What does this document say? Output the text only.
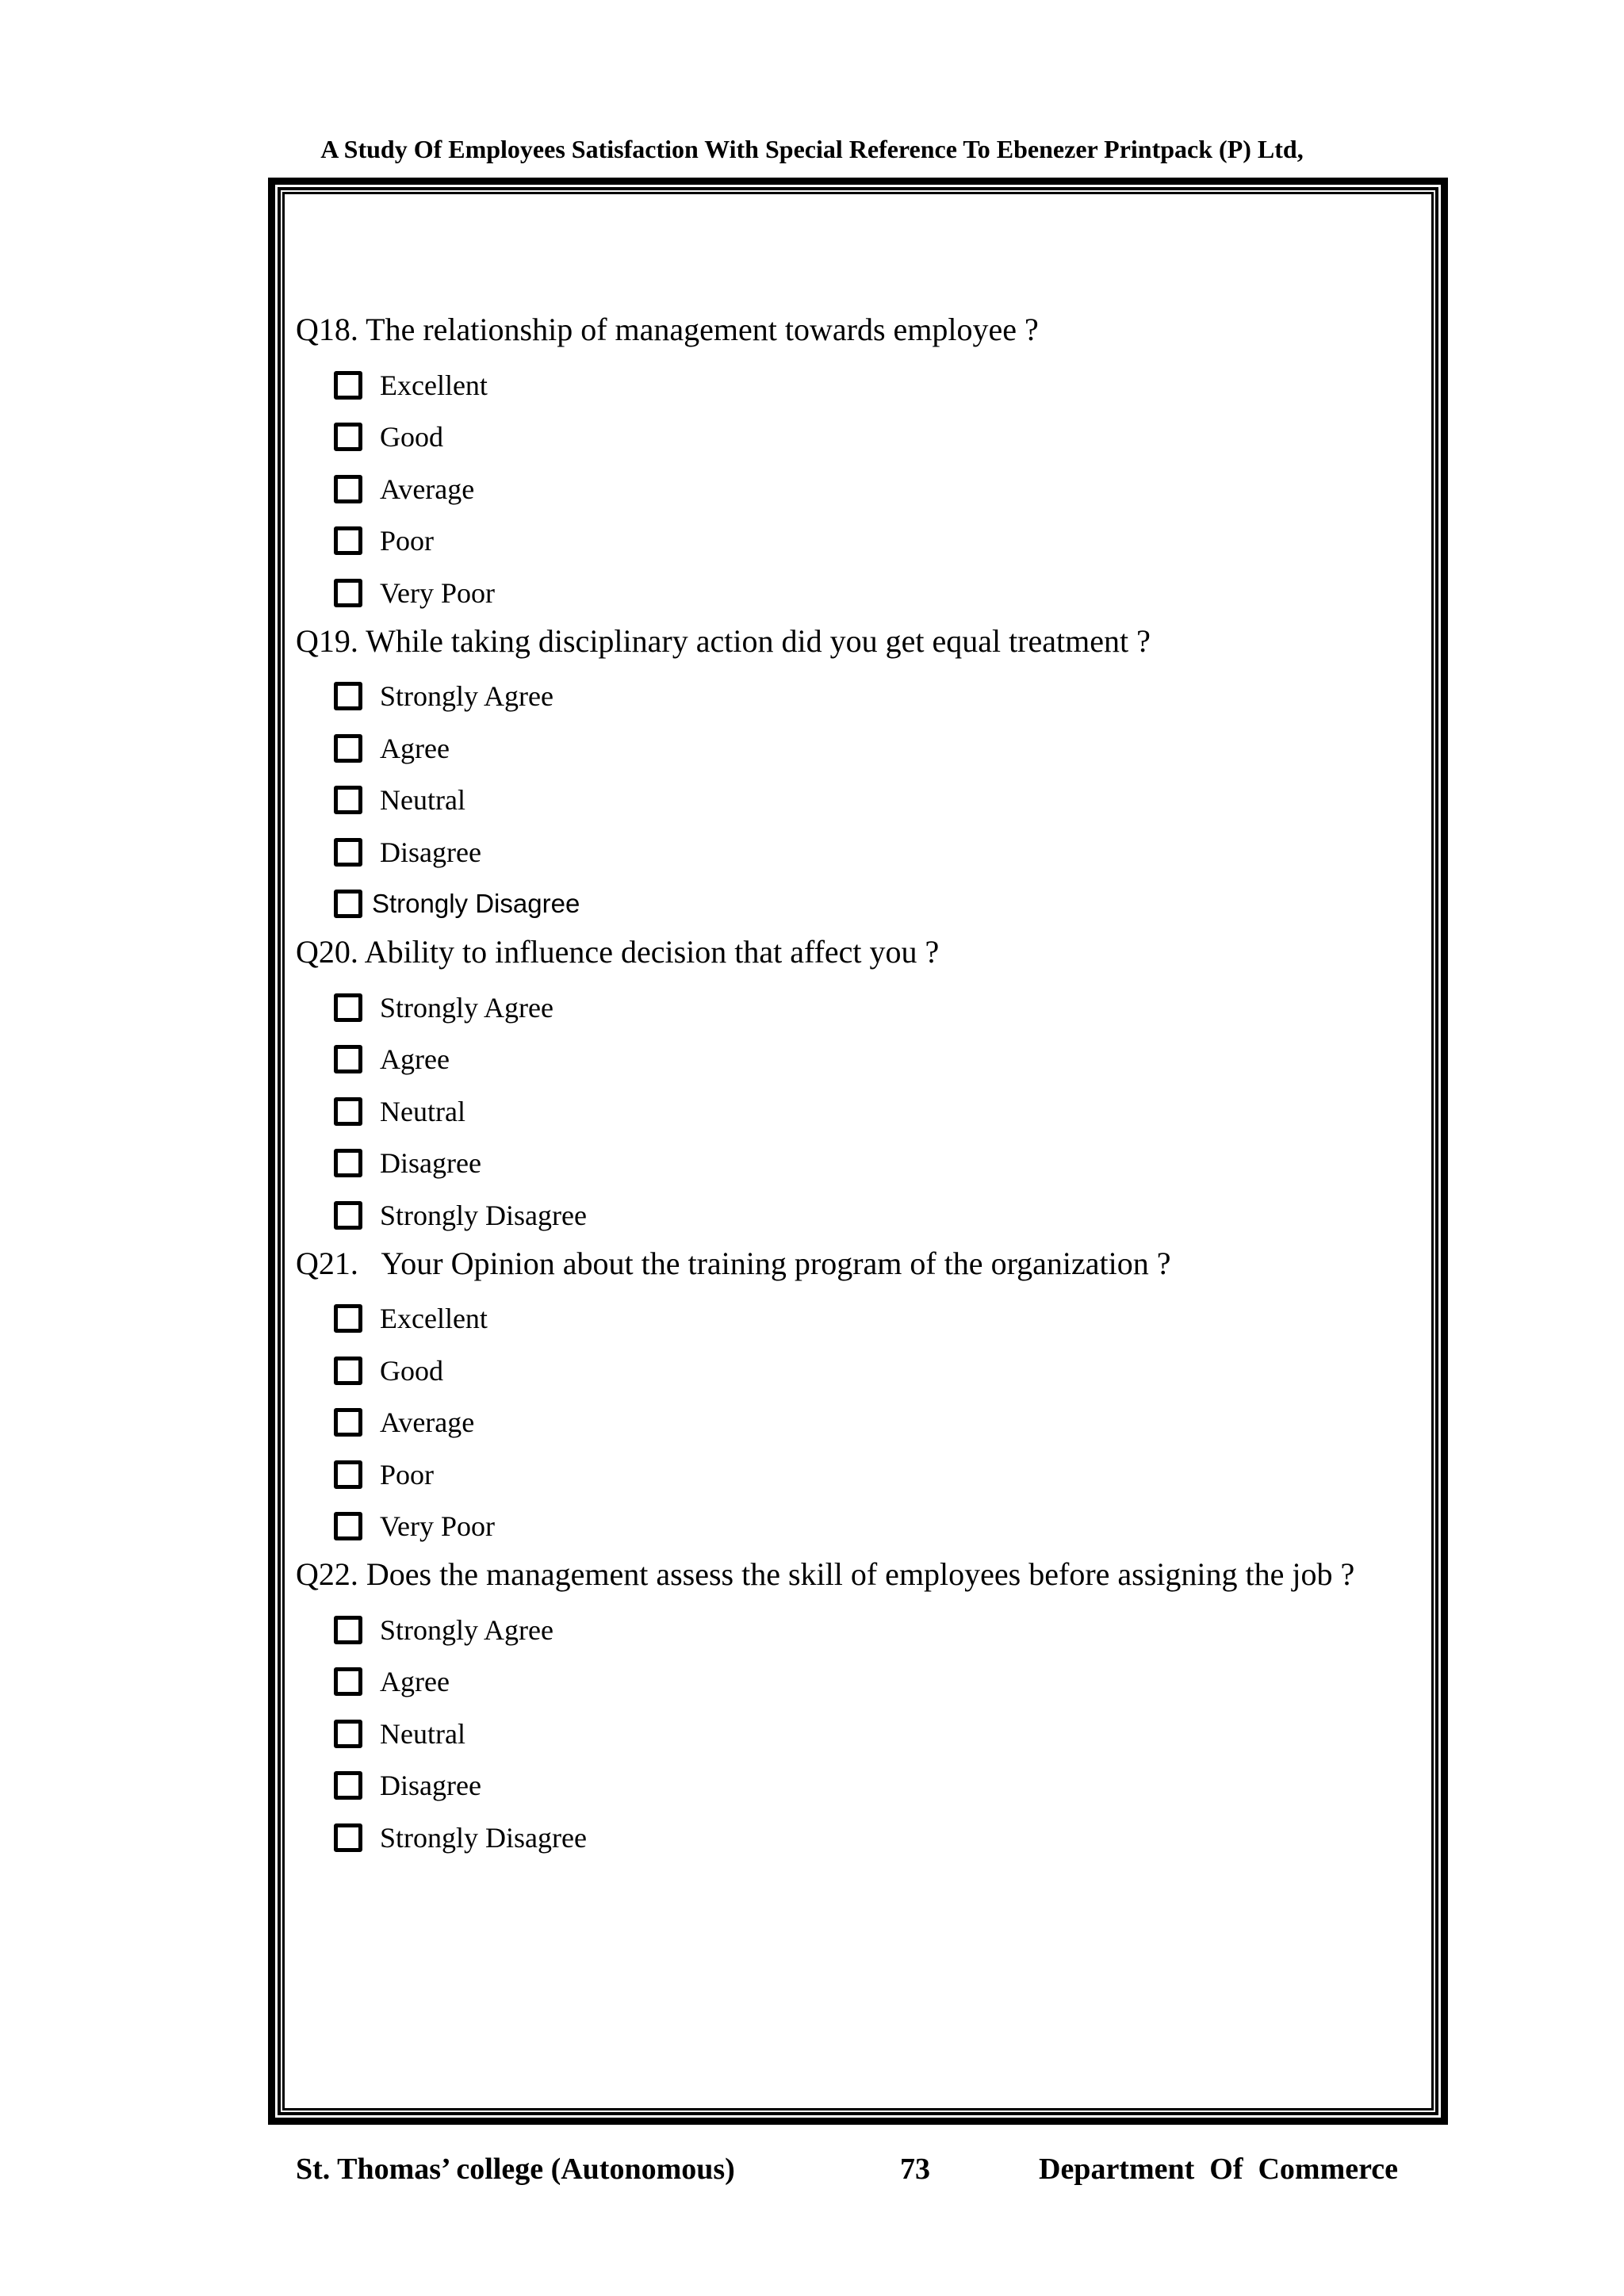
A Study Of Employees Satisfaction With Special Reference To Ebenezer Printpack (P) Ltd,
Q18. The relationship of management towards employee ?
Excellent
Good
Average
Poor
Very Poor
Q19. While taking disciplinary action did you get equal treatment ?
Strongly Agree
Agree
Neutral
Disagree
Strongly Disagree
Q20. Ability to influence decision that affect you ?
Strongly Agree
Agree
Neutral
Disagree
Strongly Disagree
Q21.   Your Opinion about the training program of the organization ?
Excellent
Good
Average
Poor
Very Poor
Q22. Does the management assess the skill of employees before assigning the job ?
Strongly Agree
Agree
Neutral
Disagree
Strongly Disagree
St. Thomas’ college (Autonomous)	73	Department  Of  Commerce
